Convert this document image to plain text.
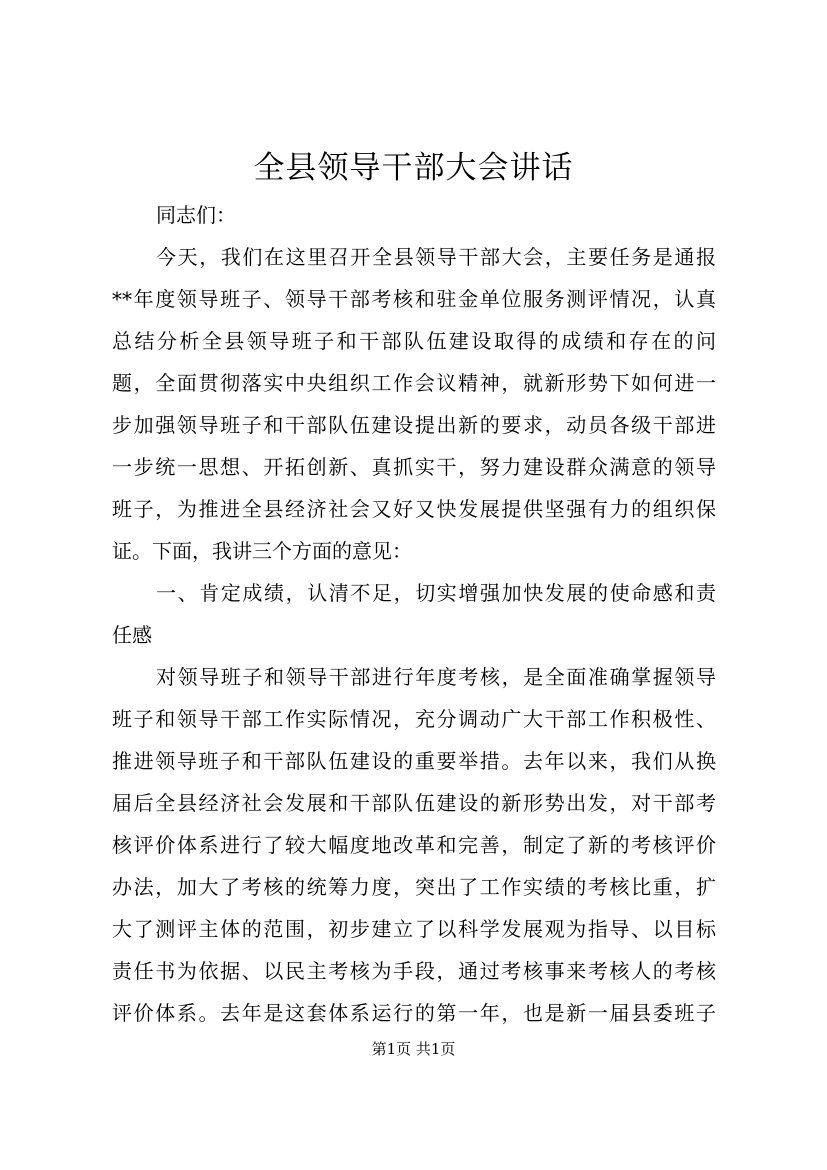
全县领导干部大会讲话

同志们：

今天，我们在这里召开全县领导干部大会，主要任务是通报
**年度领导班子、领导干部考核和驻金单位服务测评情况，认真
总结分析全县领导班子和干部队伍建设取得的成绩和存在的问
题，全面贯彻落实中央组织工作会议精神，就新形势下如何进一
步加强领导班子和干部队伍建设提出新的要求，动员各级干部进
一步统一思想、开拓创新、真抓实干，努力建设群众满意的领导
班子，为推进全县经济社会又好又快发展提供坚强有力的组织保
证。下面，我讲三个方面的意见：

一、肯定成绩，认清不足，切实增强加快发展的使命感和责
任感

对领导班子和领导干部进行年度考核，是全面准确掌握领导
班子和领导干部工作实际情况，充分调动广大干部工作积极性、
推进领导班子和干部队伍建设的重要举措。去年以来，我们从换
届后全县经济社会发展和干部队伍建设的新形势出发，对干部考
核评价体系进行了较大幅度地改革和完善，制定了新的考核评价
办法，加大了考核的统筹力度，突出了工作实绩的考核比重，扩
大了测评主体的范围，初步建立了以科学发展观为指导、以目标
责任书为依据、以民主考核为手段，通过考核事来考核人的考核
评价体系。去年是这套体系运行的第一年，也是新一届县委班子

第1页 共1页
